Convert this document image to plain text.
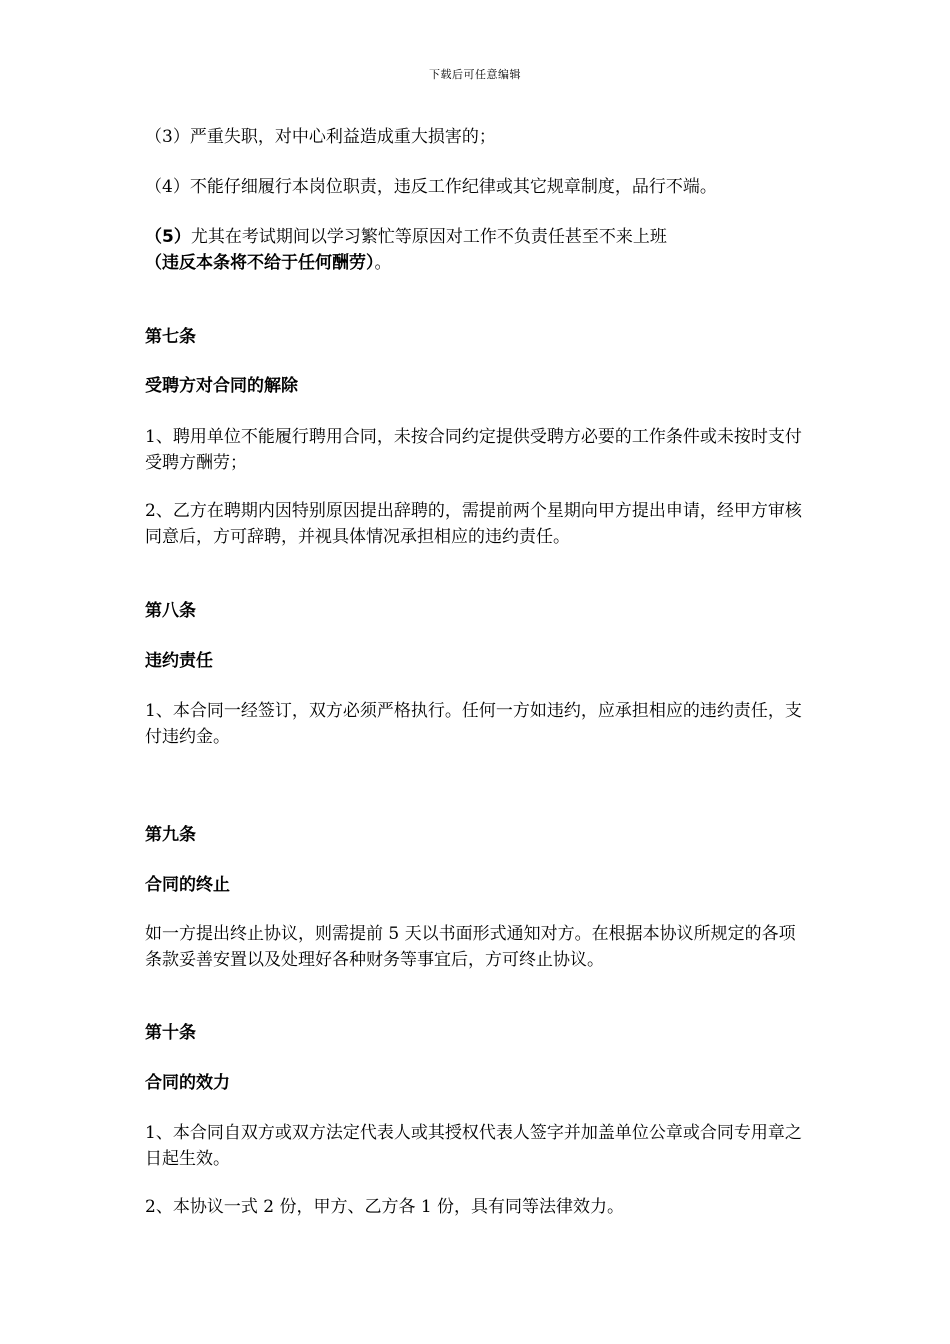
下载后可任意编辑

（3）严重失职，对中心利益造成重大损害的；

（4）不能仔细履行本岗位职责，违反工作纪律或其它规章制度，品行不端。

（5）尤其在考试期间以学习繁忙等原因对工作不负责任甚至不来上班
（违反本条将不给于任何酬劳）。

第七条

受聘方对合同的解除

1、聘用单位不能履行聘用合同，未按合同约定提供受聘方必要的工作条件或未按时支付受聘方酬劳；

2、乙方在聘期内因特别原因提出辞聘的，需提前两个星期向甲方提出申请，经甲方审核同意后，方可辞聘，并视具体情况承担相应的违约责任。

第八条

违约责任

1、本合同一经签订，双方必须严格执行。任何一方如违约，应承担相应的违约责任，支付违约金。

第九条

合同的终止

如一方提出终止协议，则需提前 5 天以书面形式通知对方。在根据本协议所规定的各项条款妥善安置以及处理好各种财务等事宜后，方可终止协议。

第十条

合同的效力

1、本合同自双方或双方法定代表人或其授权代表人签字并加盖单位公章或合同专用章之日起生效。

2、本协议一式 2 份，甲方、乙方各 1 份，具有同等法律效力。
